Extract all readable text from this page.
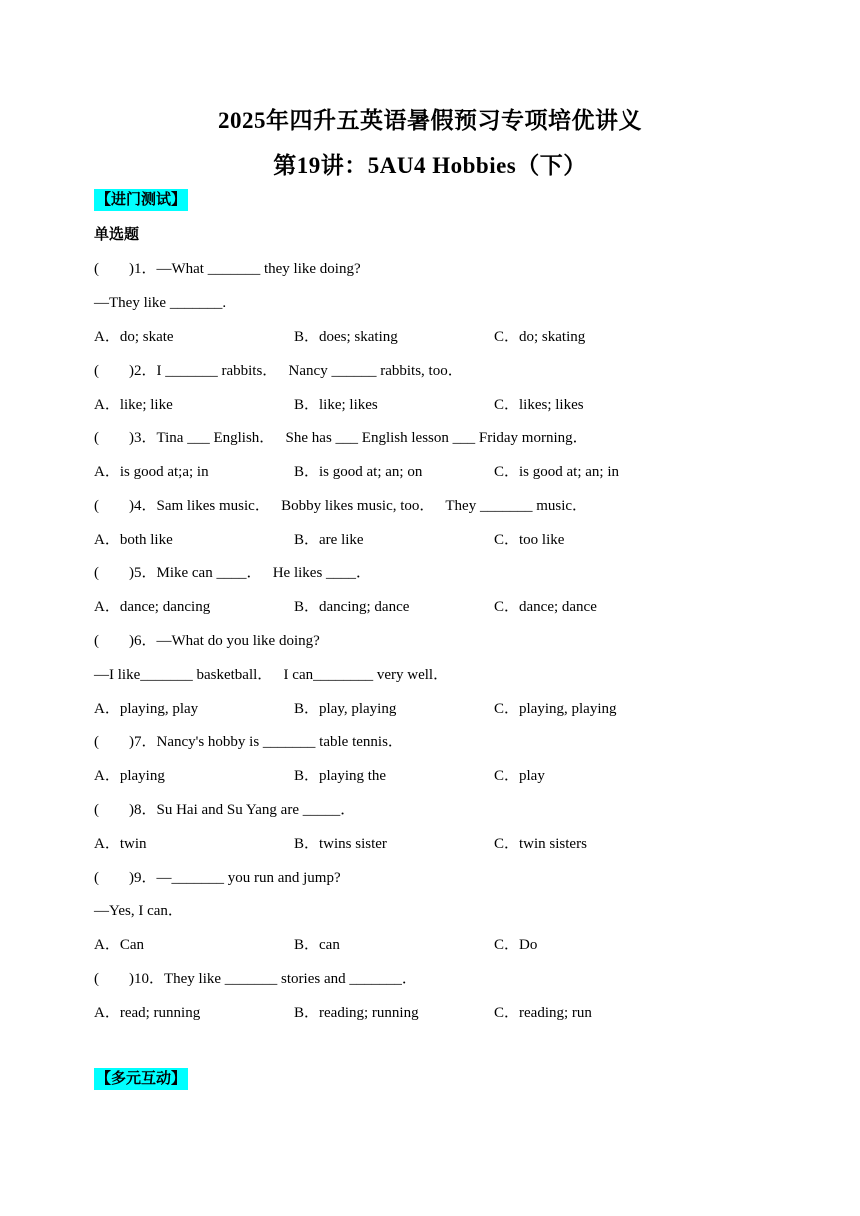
2025年四升五英语暑假预习专项培优讲义
第19讲：5AU4 Hobbies（下）
【进门测试】
单选题
(        )1．—What _______ they like doing?
—They like _______.
A．do; skate	B．does; skating	C．do; skating
(        )2．I _______ rabbits．   Nancy ______ rabbits, too．
A．like; like	B．like; likes	C．likes; likes
(        )3．Tina ___ English．   She has ___ English lesson ___ Friday morning．
A．is good at;a; in	B．is good at; an; on	C．is good at; an; in
(        )4．Sam likes music．   Bobby likes music, too．   They _______ music．
A．both like	B．are like	C．too like
(        )5．Mike can ____．   He likes ____．
A．dance; dancing	B．dancing; dance	C．dance; dance
(        )6．—What do you like doing?
—I like_______ basketball．   I can________ very well．
A．playing, play	B．play, playing	C．playing, playing
(        )7．Nancy's hobby is _______ table tennis．
A．playing	B．playing the	C．play
(        )8．Su Hai and Su Yang are _____．
A．twin	B．twins sister	C．twin sisters
(        )9．—_______ you run and jump?
—Yes, I can．
A．Can	B．can	C．Do
(        )10．They like _______ stories and _______．
A．read; running	B．reading; running	C．reading; run
【多元互动】
